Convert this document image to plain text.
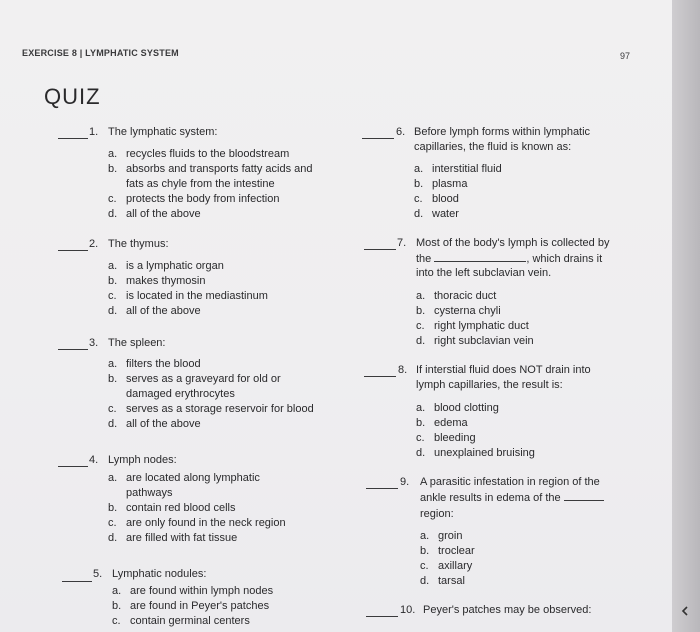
EXERCISE 8 | LYMPHATIC SYSTEM	97
QUIZ
1. The lymphatic system:
a. recycles fluids to the bloodstream
b. absorbs and transports fatty acids and
fats as chyle from the intestine
c. protects the body from infection
d. all of the above
2. The thymus:
a. is a lymphatic organ
b. makes thymosin
c. is located in the mediastinum
d. all of the above
3. The spleen:
a. filters the blood
b. serves as a graveyard for old or
damaged erythrocytes
c. serves as a storage reservoir for blood
d. all of the above
4. Lymph nodes:
a. are located along lymphatic
pathways
b. contain red blood cells
c. are only found in the neck region
d. are filled with fat tissue
5. Lymphatic nodules:
a. are found within lymph nodes
b. are found in Peyer's patches
c. contain germinal centers
6. Before lymph forms within lymphatic
capillaries, the fluid is known as:
a. interstitial fluid
b. plasma
c. blood
d. water
7. Most of the body's lymph is collected by
the	, which drains it
into the left subclavian vein.
a. thoracic duct
b. cysterna chyli
c. right lymphatic duct
d. right subclavian vein
8. If interstial fluid does NOT drain into
lymph capillaries, the result is:
a. blood clotting
b. edema
c. bleeding
d. unexplained bruising
9. A parasitic infestation in region of the
ankle results in edema of the
region:
a. groin
b. troclear
c. axillary
d. tarsal
10. Peyer's patches may be observed:
